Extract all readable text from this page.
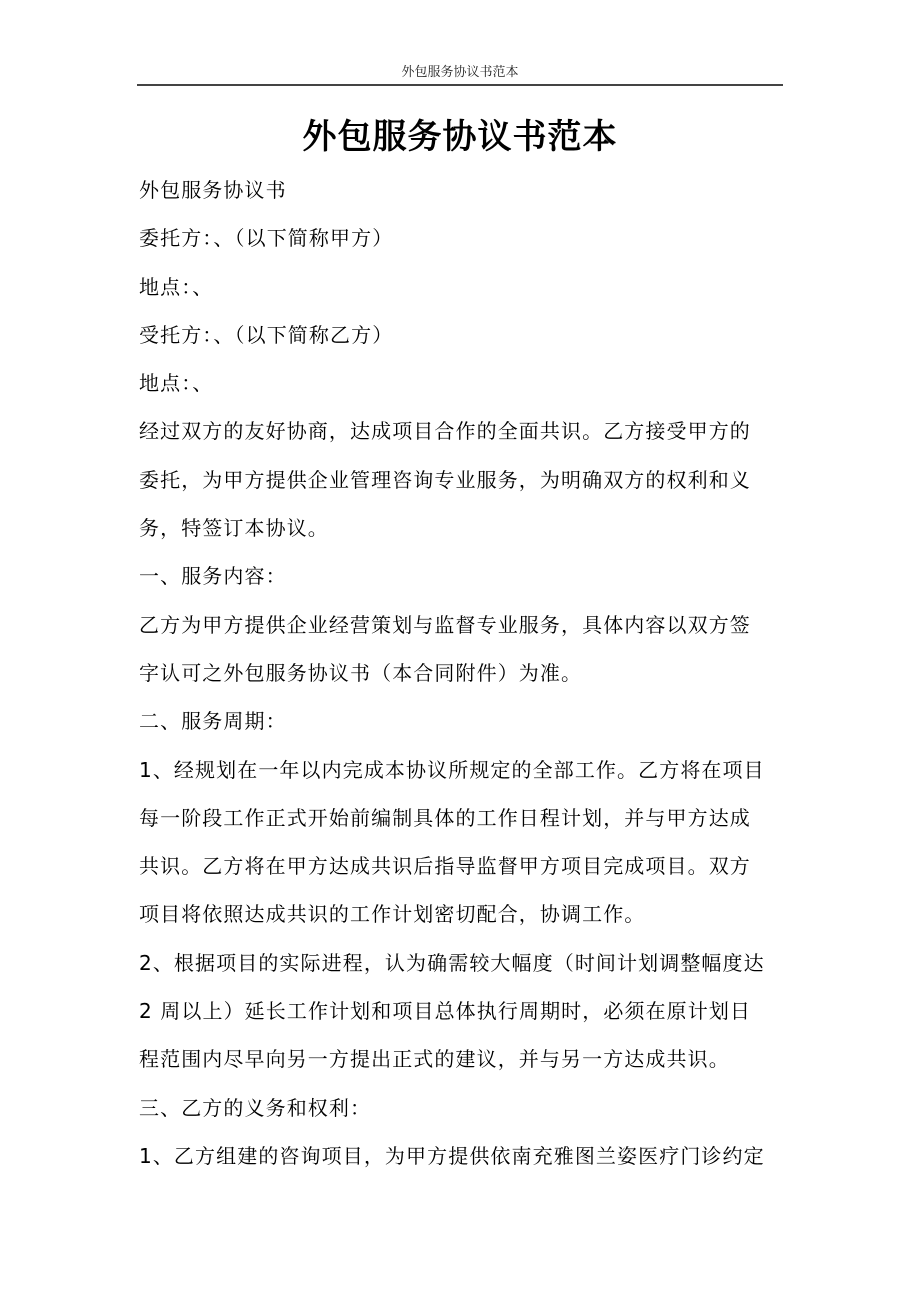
外包服务协议书范本
外包服务协议书范本
外包服务协议书
委托方：、（以下简称甲方）
地点：、
受托方：、（以下简称乙方）
地点：、
经过双方的友好协商，达成项目合作的全面共识。乙方接受甲方的
委托，为甲方提供企业管理咨询专业服务，为明确双方的权利和义
务，特签订本协议。
一、服务内容：
乙方为甲方提供企业经营策划与监督专业服务，具体内容以双方签
字认可之外包服务协议书（本合同附件）为准。
二、服务周期：
1、经规划在一年以内完成本协议所规定的全部工作。乙方将在项目
每一阶段工作正式开始前编制具体的工作日程计划，并与甲方达成
共识。乙方将在甲方达成共识后指导监督甲方项目完成项目。双方
项目将依照达成共识的工作计划密切配合，协调工作。
2、根据项目的实际进程，认为确需较大幅度（时间计划调整幅度达
2 周以上）延长工作计划和项目总体执行周期时，必须在原计划日
程范围内尽早向另一方提出正式的建议，并与另一方达成共识。
三、乙方的义务和权利：
1、乙方组建的咨询项目，为甲方提供依南充雅图兰姿医疗门诊约定
